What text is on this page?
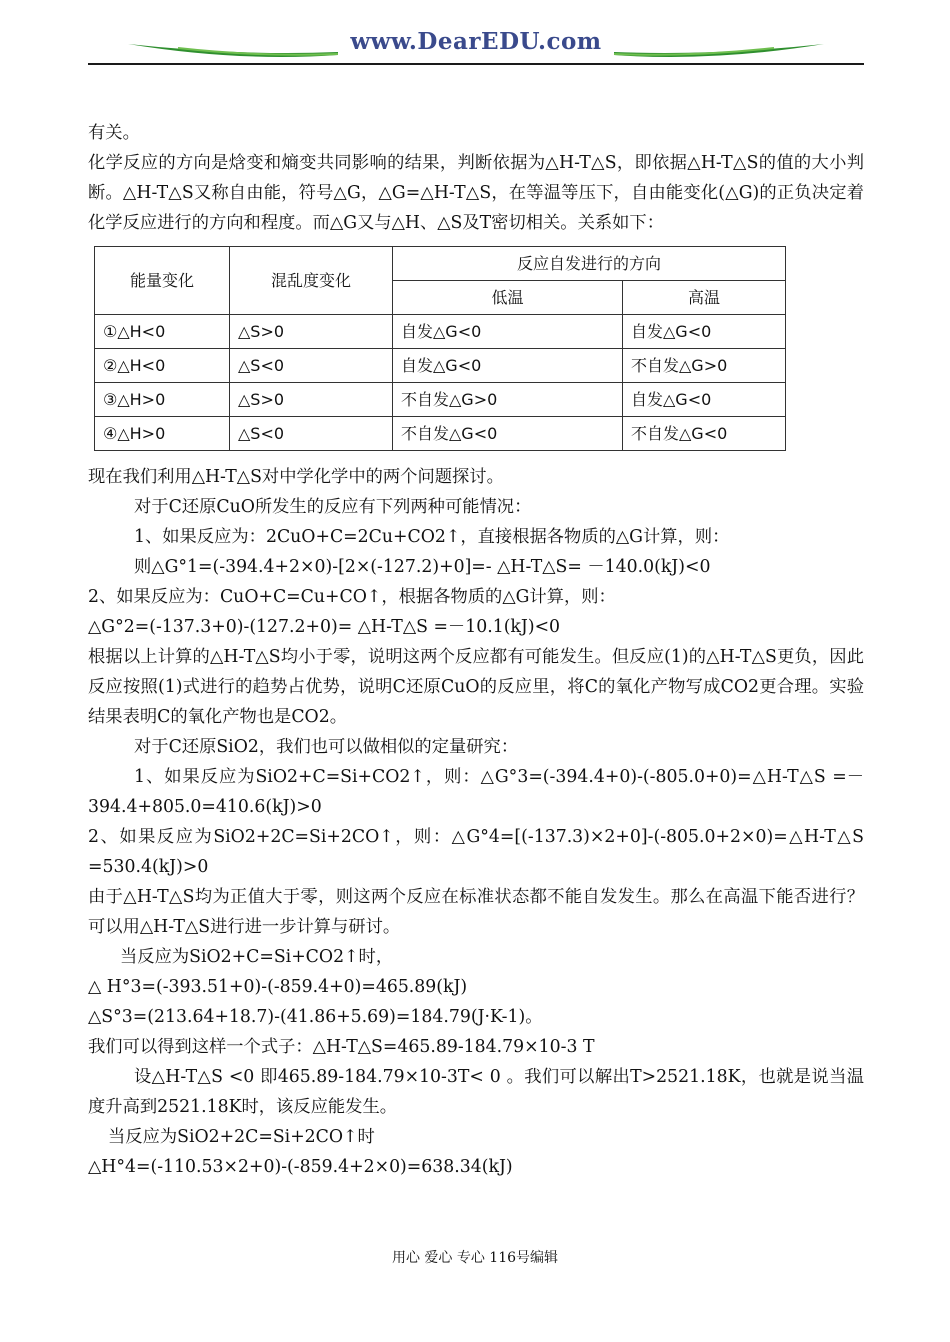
www.DearEDU.com

有关。

化学反应的方向是焓变和熵变共同影响的结果，判断依据为△H-T△S，即依据△H-T△S的值的大小判断。△H-T△S又称自由能，符号△G，△G=△H-T△S，在等温等压下，自由能变化(△G)的正负决定着化学反应进行的方向和程度。而△G又与△H、△S及T密切相关。关系如下：

能量变化	混乱度变化	反应自发进行的方向	
		低温	高温
①△H<0	△S>0	自发△G<0	自发△G<0
②△H<0	△S<0	自发△G<0	不自发△G>0
③△H>0	△S>0	不自发△G>0	自发△G<0
④△H>0	△S<0	不自发△G<0	不自发△G<0

现在我们利用△H-T△S对中学化学中的两个问题探讨。

对于C还原CuO所发生的反应有下列两种可能情况：

1、如果反应为：2CuO+C=2Cu+CO2↑，直接根据各物质的△G计算，则：

则△G°1=(-394.4+2×0)-[2×(-127.2)+0]=- △H-T△S= －140.0(kJ)<0

2、如果反应为：CuO+C=Cu+CO↑，根据各物质的△G计算，则：

△G°2=(-137.3+0)-(127.2+0)= △H-T△S =－10.1(kJ)<0

根据以上计算的△H-T△S均小于零，说明这两个反应都有可能发生。但反应(1)的△H-T△S更负，因此反应按照(1)式进行的趋势占优势，说明C还原CuO的反应里，将C的氧化产物写成CO2更合理。实验结果表明C的氧化产物也是CO2。

对于C还原SiO2，我们也可以做相似的定量研究：

1、如果反应为SiO2+C=Si+CO2↑，则：△G°3=(-394.4+0)-(-805.0+0)=△H-T△S =－394.4+805.0=410.6(kJ)>0

2、如果反应为SiO2+2C=Si+2CO↑，则：△G°4=[(-137.3)×2+0]-(-805.0+2×0)=△H-T△S =530.4(kJ)>0

由于△H-T△S均为正值大于零，则这两个反应在标准状态都不能自发发生。那么在高温下能否进行？可以用△H-T△S进行进一步计算与研讨。

当反应为SiO2+C=Si+CO2↑时，

△ H°3=(-393.51+0)-(-859.4+0)=465.89(kJ)

△S°3=(213.64+18.7)-(41.86+5.69)=184.79(J·K-1)。

我们可以得到这样一个式子：△H-T△S=465.89-184.79×10-3 T

设△H-T△S <0 即465.89-184.79×10-3T< 0 。我们可以解出T>2521.18K，也就是说当温度升高到2521.18K时，该反应能发生。

当反应为SiO2+2C=Si+2CO↑时

△H°4=(-110.53×2+0)-(-859.4+2×0)=638.34(kJ)

用心 爱心 专心 116号编辑
